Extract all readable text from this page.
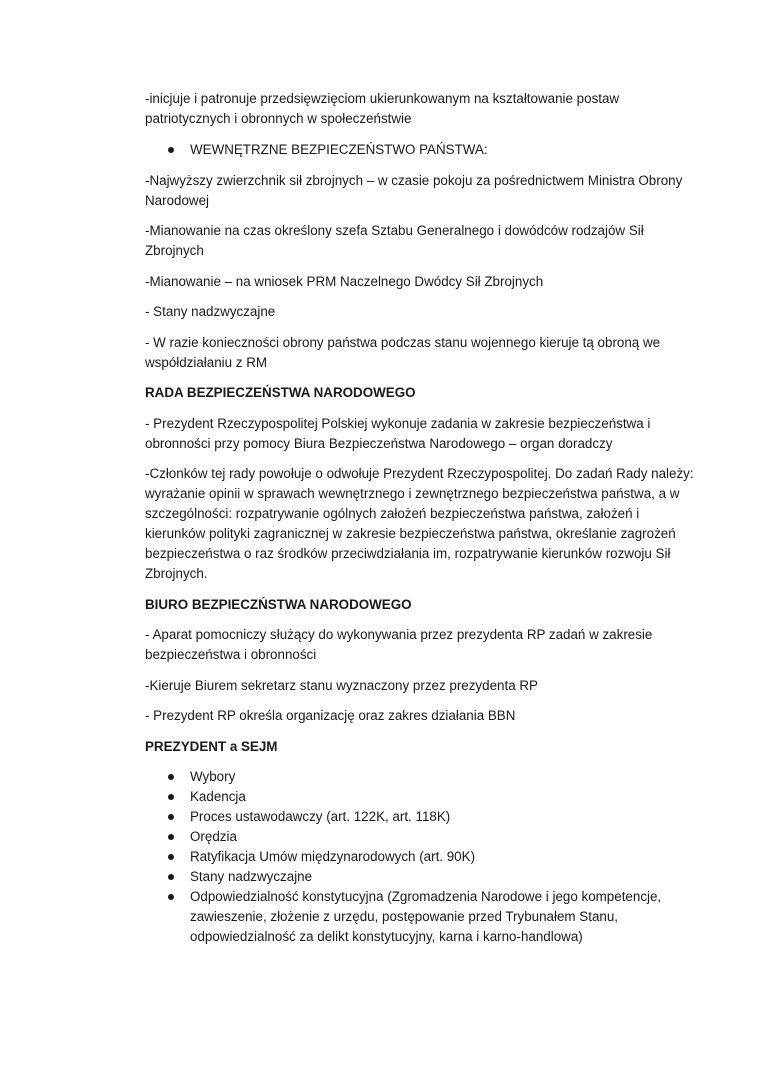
-inicjuje i patronuje przedsięwzięciom ukierunkowanym na kształtowanie postaw patriotycznych i obronnych w społeczeństwie

WEWNĘTRZNE BEZPIECZEŃSTWO PAŃSTWA:

-Najwyższy zwierzchnik sił zbrojnych – w czasie pokoju za pośrednictwem Ministra Obrony Narodowej

-Mianowanie na czas określony szefa Sztabu Generalnego i dowódców rodzajów Sił Zbrojnych

-Mianowanie – na wniosek PRM Naczelnego Dwódcy Sił Zbrojnych

- Stany nadzwyczajne

- W razie konieczności obrony państwa podczas stanu wojennego kieruje tą obroną we współdziałaniu z RM

RADA BEZPIECZEŃSTWA NARODOWEGO

- Prezydent Rzeczypospolitej Polskiej wykonuje zadania w zakresie bezpieczeństwa i obronności przy pomocy Biura Bezpieczeństwa Narodowego – organ doradczy

-Członków tej rady powołuje o odwołuje Prezydent Rzeczypospolitej. Do zadań Rady należy: wyrażanie opinii w sprawach wewnętrznego i zewnętrznego bezpieczeństwa państwa, a w szczególności: rozpatrywanie ogólnych założeń bezpieczeństwa państwa, założeń i kierunków polityki zagranicznej w zakresie bezpieczeństwa państwa, określanie zagrożeń bezpieczeństwa o raz środków przeciwdziałania im, rozpatrywanie kierunków rozwoju Sił Zbrojnych.

BIURO BEZPIECZŃSTWA NARODOWEGO

- Aparat pomocniczy służący do wykonywania przez prezydenta RP zadań w zakresie bezpieczeństwa i obronności

-Kieruje Biurem sekretarz stanu wyznaczony przez prezydenta RP

- Prezydent RP określa organizację oraz zakres działania BBN

PREZYDENT a SEJM

Wybory
Kadencja
Proces ustawodawczy (art. 122K, art. 118K)
Orędzia
Ratyfikacja Umów międzynarodowych (art. 90K)
Stany nadzwyczajne
Odpowiedzialność konstytucyjna (Zgromadzenia Narodowe i jego kompetencje, zawieszenie, złożenie z urzędu, postępowanie przed Trybunałem Stanu, odpowiedzialność za delikt konstytucyjny, karna i karno-handlowa)
